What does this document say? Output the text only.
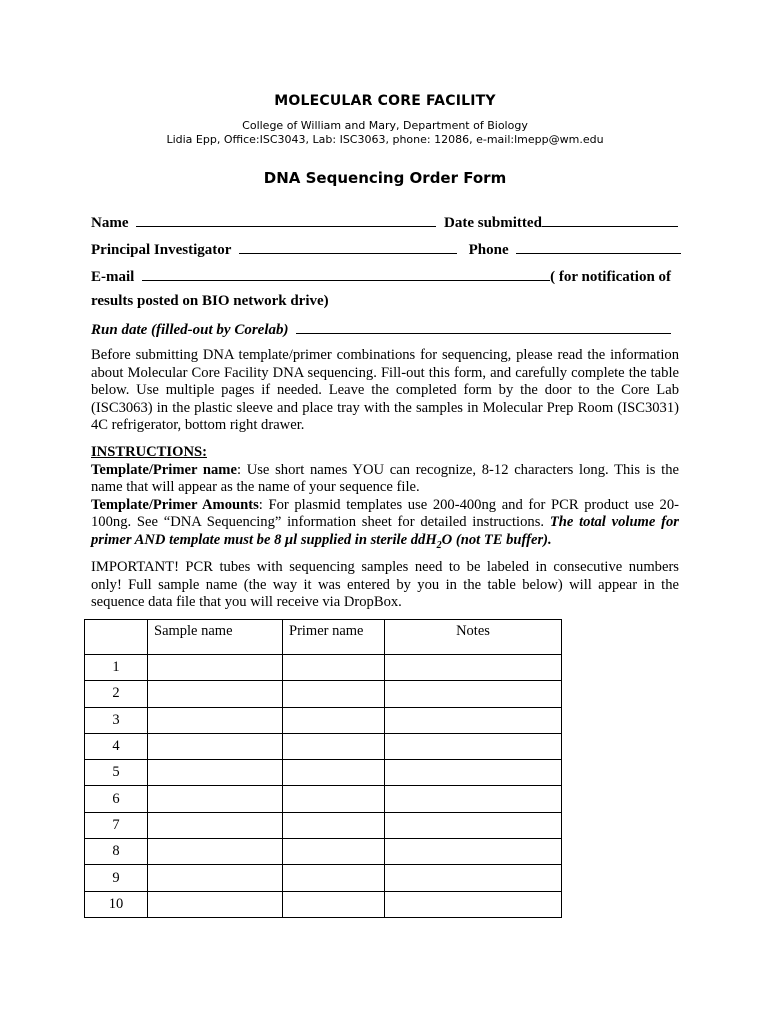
MOLECULAR CORE FACILITY
College of William and Mary, Department of Biology
Lidia Epp, Office:ISC3043, Lab: ISC3063, phone: 12086, e-mail:lmepp@wm.edu
DNA Sequencing Order Form
Name	Date submitted
Principal Investigator	Phone
E-mail	( for notification of
results posted on BIO network drive)
Run date (filled-out by Corelab)
Before submitting DNA template/primer combinations for sequencing, please read the information about Molecular Core Facility DNA sequencing. Fill-out this form, and carefully complete the table below. Use multiple pages if needed. Leave the completed form by the door to the Core Lab (ISC3063) in the plastic sleeve and place tray with the samples in Molecular Prep Room (ISC3031) 4C refrigerator, bottom right drawer.
INSTRUCTIONS:
Template/Primer name: Use short names YOU can recognize, 8-12 characters long. This is the name that will appear as the name of your sequence file.
Template/Primer Amounts: For plasmid templates use 200-400ng and for PCR product use 20-100ng. See “DNA Sequencing” information sheet for detailed instructions. The total volume for primer AND template must be 8 μl supplied in sterile ddH$_2$O (not TE buffer).
IMPORTANT! PCR tubes with sequencing samples need to be labeled in consecutive numbers only! Full sample name (the way it was entered by you in the table below) will appear in the sequence data file that you will receive via DropBox.

	Sample name	Primer name	Notes

1			
2			
3			
4			
5			
6			
7			
8			
9			
10			
